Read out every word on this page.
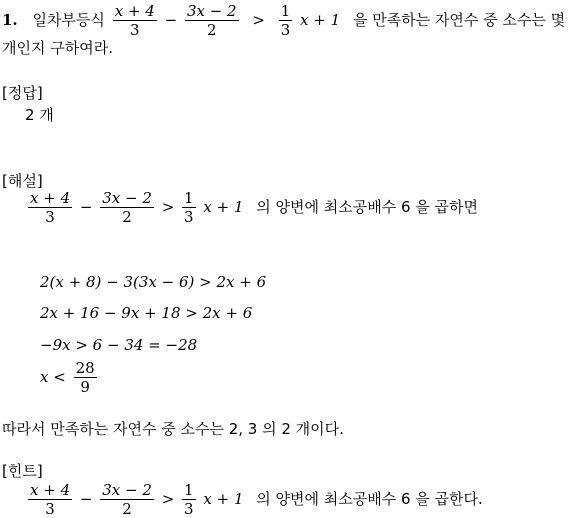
1. 일차부등식 $\frac{x + 4}{3} - \frac{3x - 2}{2} > \frac{1}{3}$ x + 1 을 만족하는 자연수 중 소수는 몇
개인지 구하여라.
[정답]
2 개
[해설]
$\frac{x + 4}{3} - \frac{3x - 2}{2} > \frac{1}{3}$ x + 1 의 양변에 최소공배수 6 을 곱하면
2(x + 8) − 3(3x − 6) > 2x + 6
2x + 16 − 9x + 18 > 2x + 6
−9x > 6 − 34 = −28
$x < \frac{28}{9}$
따라서 만족하는 자연수 중 소수는 2, 3 의 2 개이다.
[힌트]
$\frac{x + 4}{3} - \frac{3x - 2}{2} > \frac{1}{3}$ x + 1 의 양변에 최소공배수 6 을 곱한다.
